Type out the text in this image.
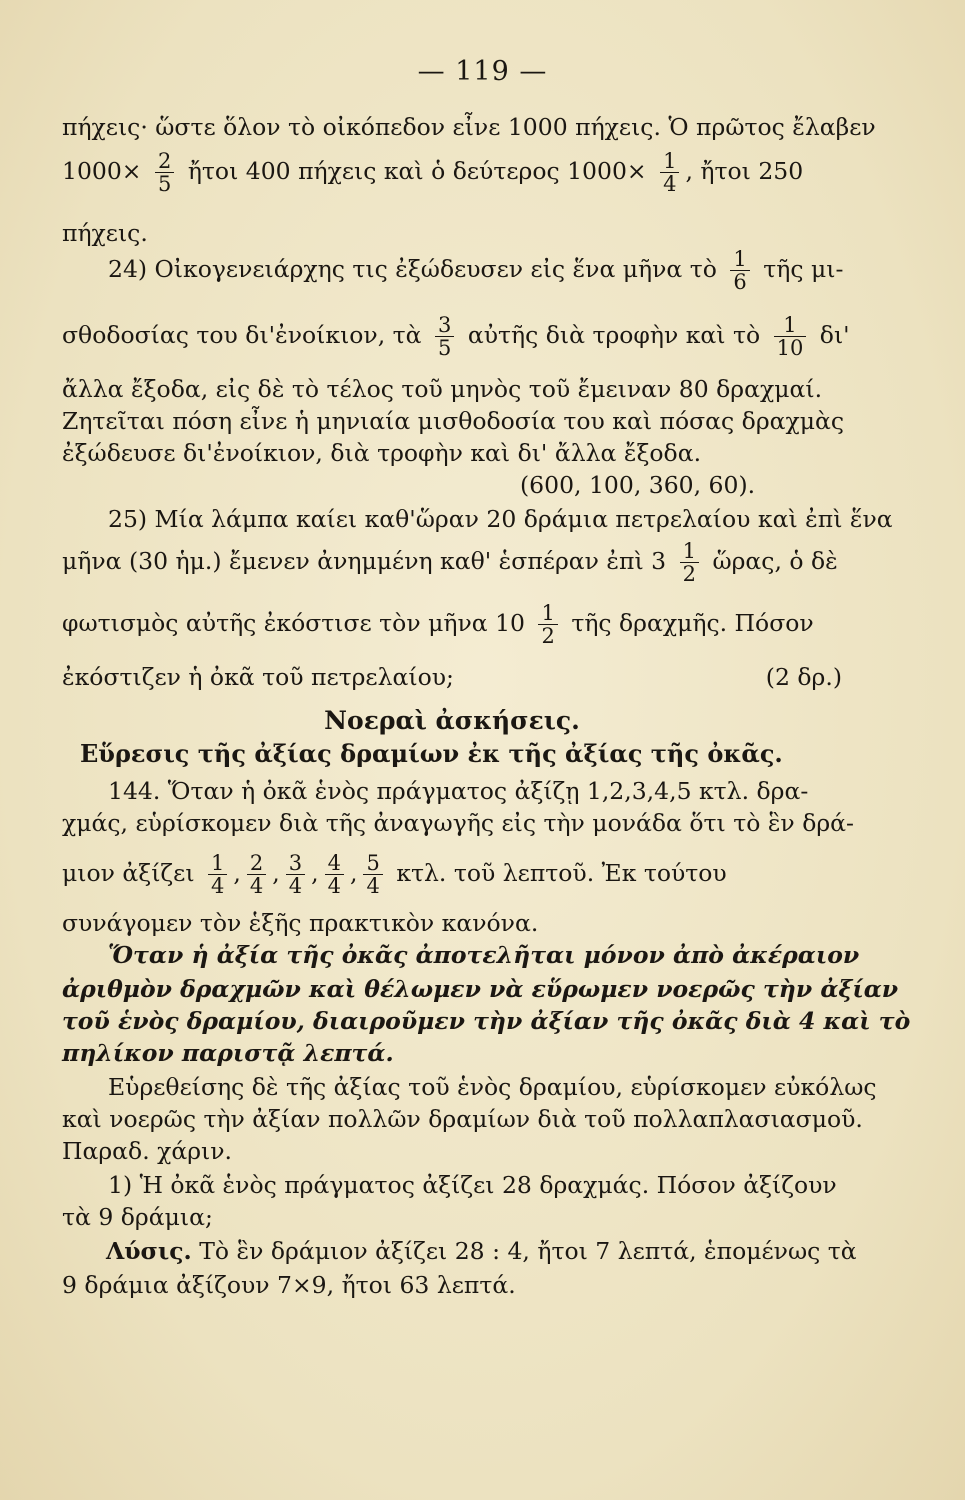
— 119 —
πήχεις· ὥστε ὅλον τὸ οἰκόπεδον εἶνε 1000 πήχεις. Ὁ πρῶτος ἔλαβεν
$1000\times \frac{2}{5}$ ἤτοι 400 πήχεις καὶ ὁ δεύτερος $1000\times \frac{1}{4}$ , ἤτοι 250
πήχεις.
24) Οἰκογενειάρχης τις ἐξώδευσεν εἰς ἕνα μῆνα τὸ $\frac{1}{6}$ τῆς μι-
σθοδοσίας του δι'ἐνοίκιον, τὰ $\frac{3}{5}$ αὐτῆς διὰ τροφὴν καὶ τὸ $\frac{1}{10} \delta\iota'$
ἄλλα ἔξοδα, εἰς δὲ τὸ τέλος τοῦ μηνὸς τοῦ ἔμειναν 80 δραχμαί.
Ζητεῖται πόση εἶνε ἡ μηνιαία μισθοδοσία του καὶ πόσας δραχμὰς
ἐξώδευσε δι'ἐνοίκιον, διὰ τροφὴν καὶ δι' ἄλλα ἔξοδα.
(600, 100, 360, 60).
25) Μία λάμπα καίει καθ'ὥραν 20 δράμια πετρελαίου καὶ ἐπὶ ἕνα
μῆνα (30 ἡμ.) ἔμενεν ἀνημμένη καθ' ἑσπέραν ἐπὶ $3 \frac{1}{2}$ ὥρας, ὁ δὲ
φωτισμὸς αὐτῆς ἐκόστισε τὸν μῆνα $10 \frac{1}{2}$ τῆς δραχμῆς. Πόσον
ἐκόστιζεν ἡ ὀκᾶ τοῦ πετρελαίου;	(2 δρ.)
Νοεραὶ ἀσκήσεις.
Εὕρεσις τῆς ἀξίας δραμίων ἐκ τῆς ἀξίας τῆς ὀκᾶς.
144. Ὅταν ἡ ὀκᾶ ἑνὸς πράγματος ἀξίζῃ 1,2,3,4,5 κτλ. δρα-
χμάς, εὑρίσκομεν διὰ τῆς ἀναγωγῆς εἰς τὴν μονάδα ὅτι τὸ ἓν δρά-
μιον ἀξίζει $\frac{1}{4}$ , $\frac{2}{4}$ , $\frac{3}{4}$ , $\frac{4}{4}$ , $\frac{5}{4} \kappa\tau\lambda$. τοῦ λεπτοῦ. Ἐκ τούτου
συνάγομεν τὸν ἑξῆς πρακτικὸν κανόνα.
Ὅταν ἡ ἀξία τῆς ὀκᾶς ἀποτελῆται μόνον ἀπὸ ἀκέραιον
ἀριθμὸν δραχμῶν καὶ θέλωμεν νὰ εὕρωμεν νοερῶς τὴν ἀξίαν
τοῦ ἑνὸς δραμίου, διαιροῦμεν τὴν ἀξίαν τῆς ὀκᾶς διὰ 4 καὶ τὸ
πηλίκον παριστᾷ λεπτά.
Εὑρεθείσης δὲ τῆς ἀξίας τοῦ ἑνὸς δραμίου, εὑρίσκομεν εὐκόλως
καὶ νοερῶς τὴν ἀξίαν πολλῶν δραμίων διὰ τοῦ πολλαπλασιασμοῦ.
Παραδ. χάριν.
1) Ἡ ὀκᾶ ἑνὸς πράγματος ἀξίζει 28 δραχμάς. Πόσον ἀξίζουν
τὰ 9 δράμια;
Λύσις. Τὸ ἓν δράμιον ἀξίζει 28 : 4, ἤτοι 7 λεπτά, ἑπομένως τὰ
9 δράμια ἀξίζουν 7×9, ἤτοι 63 λεπτά.
